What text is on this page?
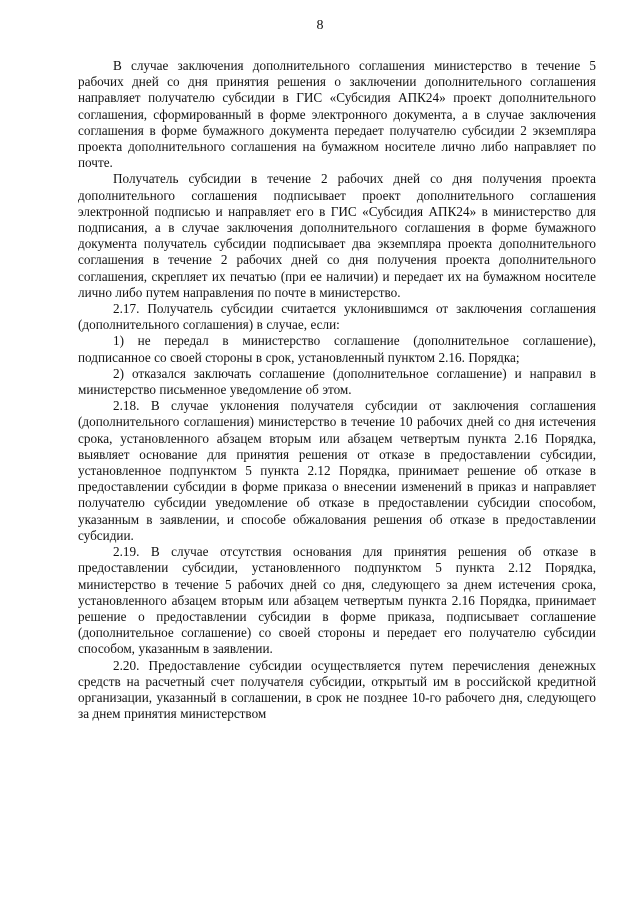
8

В случае заключения дополнительного соглашения министерство в течение 5 рабочих дней со дня принятия решения о заключении дополнительного соглашения направляет получателю субсидии в ГИС «Субсидия АПК24» проект дополнительного соглашения, сформированный в форме электронного документа, а в случае заключения соглашения в форме бумажного документа передает получателю субсидии 2 экземпляра проекта дополнительного соглашения на бумажном носителе лично либо направляет по почте.

Получатель субсидии в течение 2 рабочих дней со дня получения проекта дополнительного соглашения подписывает проект дополнительного соглашения электронной подписью и направляет его в ГИС «Субсидия АПК24» в министерство для подписания, а в случае заключения дополнительного соглашения в форме бумажного документа получатель субсидии подписывает два экземпляра проекта дополнительного соглашения в течение 2 рабочих дней со дня получения проекта дополнительного соглашения, скрепляет их печатью (при ее наличии) и передает их на бумажном носителе лично либо путем направления по почте в министерство.

2.17. Получатель субсидии считается уклонившимся от заключения соглашения (дополнительного соглашения) в случае, если:

1) не передал в министерство соглашение (дополнительное соглашение), подписанное со своей стороны в срок, установленный пунктом 2.16. Порядка;

2) отказался заключать соглашение (дополнительное соглашение) и направил в министерство письменное уведомление об этом.

2.18. В случае уклонения получателя субсидии от заключения соглашения (дополнительного соглашения) министерство в течение 10 рабочих дней со дня истечения срока, установленного абзацем вторым или абзацем четвертым пункта 2.16 Порядка, выявляет основание для принятия решения от отказе в предоставлении субсидии, установленное подпунктом 5 пункта 2.12 Порядка, принимает решение об отказе в предоставлении субсидии в форме приказа о внесении изменений в приказ и направляет получателю субсидии уведомление об отказе в предоставлении субсидии способом, указанным в заявлении, и способе обжалования решения об отказе в предоставлении субсидии.

2.19. В случае отсутствия основания для принятия решения об отказе в предоставлении субсидии, установленного подпунктом 5 пункта 2.12 Порядка, министерство в течение 5 рабочих дней со дня, следующего за днем истечения срока, установленного абзацем вторым или абзацем четвертым пункта 2.16 Порядка, принимает решение о предоставлении субсидии в форме приказа, подписывает соглашение (дополнительное соглашение) со своей стороны и передает его получателю субсидии способом, указанным в заявлении.

2.20. Предоставление субсидии осуществляется путем перечисления денежных средств на расчетный счет получателя субсидии, открытый им в российской кредитной организации, указанный в соглашении, в срок не позднее 10-го рабочего дня, следующего за днем принятия министерством
